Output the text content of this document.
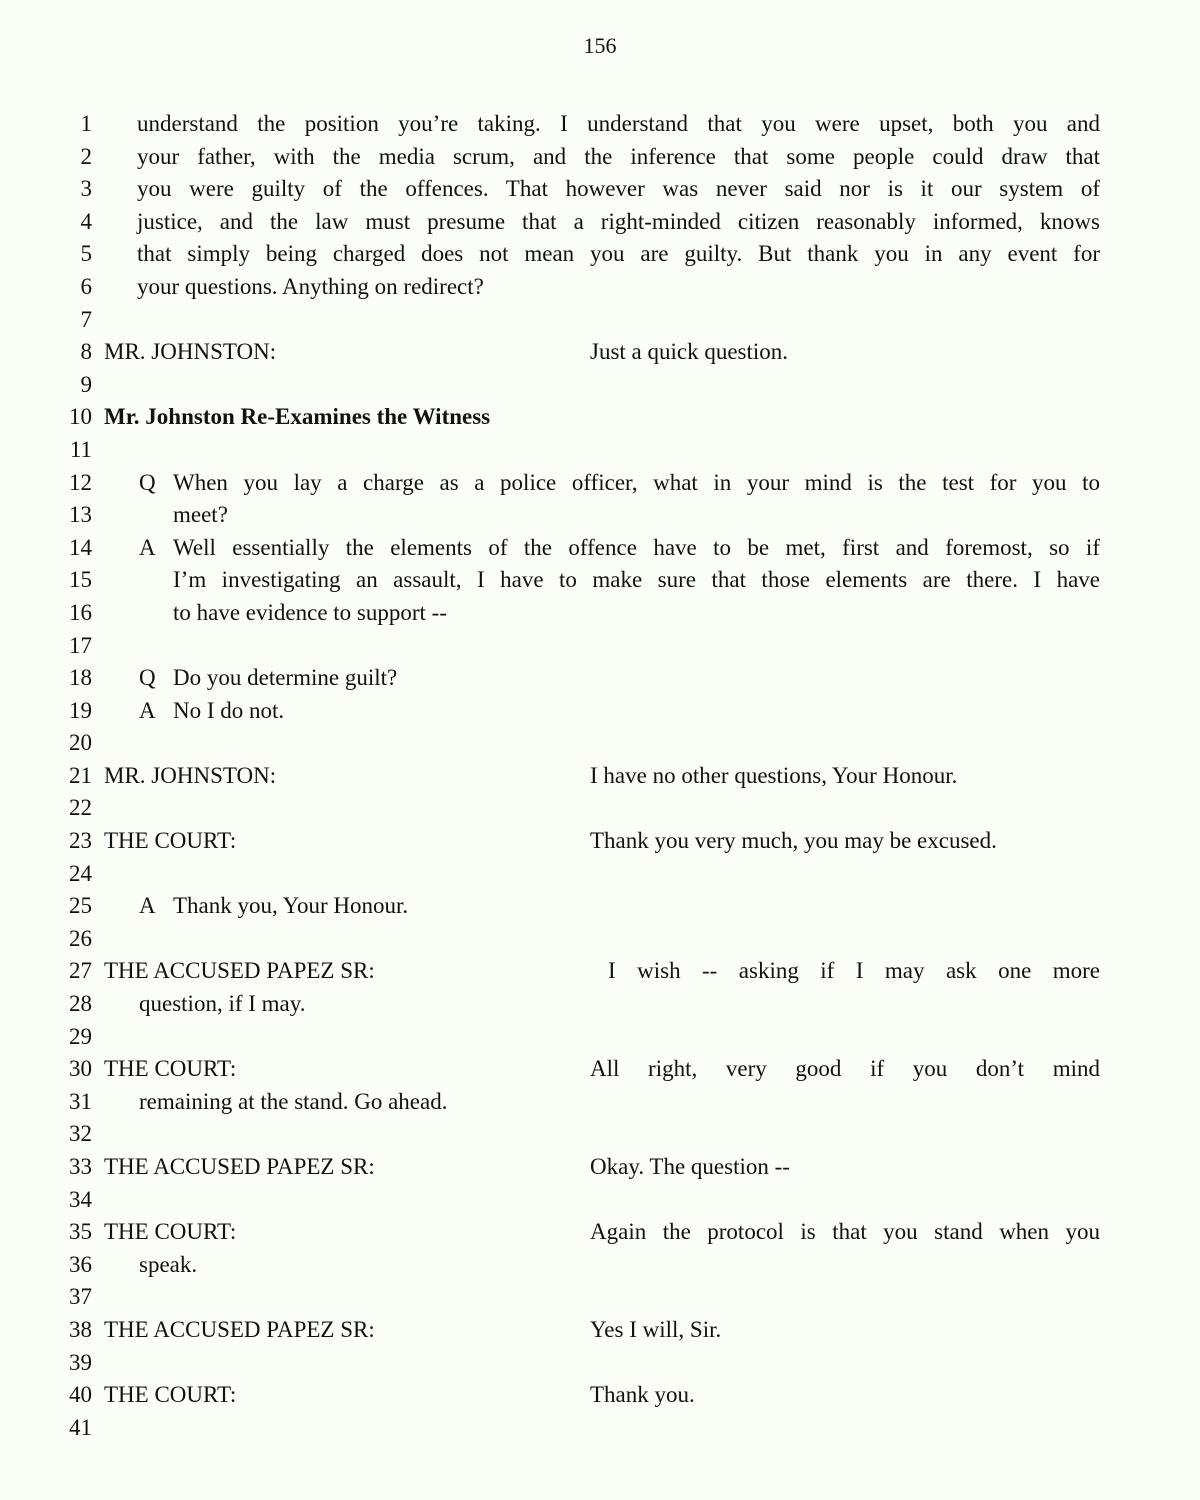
156
1 understand the position you’re taking. I understand that you were upset, both you and
2 your father, with the media scrum, and the inference that some people could draw that
3 you were guilty of the offences. That however was never said nor is it our system of
4 justice, and the law must presume that a right-minded citizen reasonably informed, knows
5 that simply being charged does not mean you are guilty. But thank you in any event for
6 your questions. Anything on redirect?
7
8 MR. JOHNSTON:	Just a quick question.
9
10 Mr. Johnston Re-Examines the Witness
11
12 Q When you lay a charge as a police officer, what in your mind is the test for you to
13	meet?
14 A Well essentially the elements of the offence have to be met, first and foremost, so if
15	I’m investigating an assault, I have to make sure that those elements are there. I have
16	to have evidence to support --
17
18 Q Do you determine guilt?
19 A No I do not.
20
21 MR. JOHNSTON:	I have no other questions, Your Honour.
22
23 THE COURT:	Thank you very much, you may be excused.
24
25 A Thank you, Your Honour.
26
27 THE ACCUSED PAPEZ SR:	I wish -- asking if I may ask one more
28 question, if I may.
29
30 THE COURT:	All right, very good if you don’t mind
31 remaining at the stand. Go ahead.
32
33 THE ACCUSED PAPEZ SR:	Okay. The question --
34
35 THE COURT:	Again the protocol is that you stand when you
36 speak.
37
38 THE ACCUSED PAPEZ SR:	Yes I will, Sir.
39
40 THE COURT:	Thank you.
41
